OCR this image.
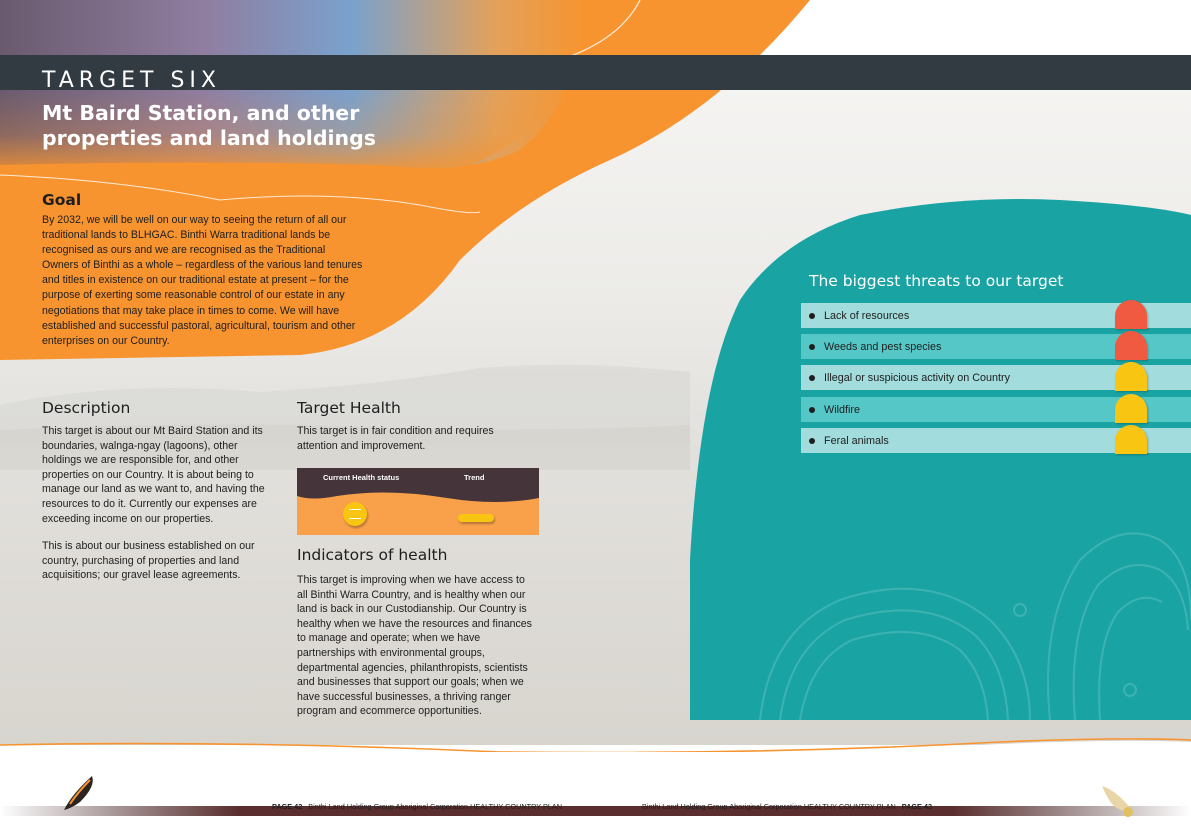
TARGET SIX
Mt Baird Station, and other properties and land holdings
Goal

By 2032, we will be well on our way to seeing the return of all our traditional lands to BLHGAC. Binthi Warra traditional lands be recognised as ours and we are recognised as the Traditional Owners of Binthi as a whole – regardless of the various land tenures and titles in existence on our traditional estate at present – for the purpose of exerting some reasonable control of our estate in any negotiations that may take place in times to come. We will have established and successful pastoral, agricultural, tourism and other enterprises on our Country.

Description

This target is about our Mt Baird Station and its boundaries, walnga-ngay (lagoons), other holdings we are responsible for, and other properties on our Country. It is about being to manage our land as we want to, and having the resources to do it. Currently our expenses are exceeding income on our properties.

This is about our business established on our country, purchasing of properties and land acquisitions; our gravel lease agreements.

Target Health

This target is in fair condition and requires attention and improvement.

Current Health status	Trend
Indicators of health

This target is improving when we have access to all Binthi Warra Country, and is healthy when our land is back in our Custodianship. Our Country is healthy when we have the resources and finances to manage and operate; when we have partnerships with environmental groups, departmental agencies, philanthropists, scientists and businesses that support our goals; when we have successful businesses, a thriving ranger program and ecommerce opportunities.

The biggest threats to our target
Lack of resources
Weeds and pest species
Illegal or suspicious activity on Country
Wildfire
Feral animals
PAGE 42 Binthi Land Holding Group Aboriginal Corporation HEALTHY COUNTRY PLAN	Binthi Land Holding Group Aboriginal Corporation HEALTHY COUNTRY PLAN PAGE 43
